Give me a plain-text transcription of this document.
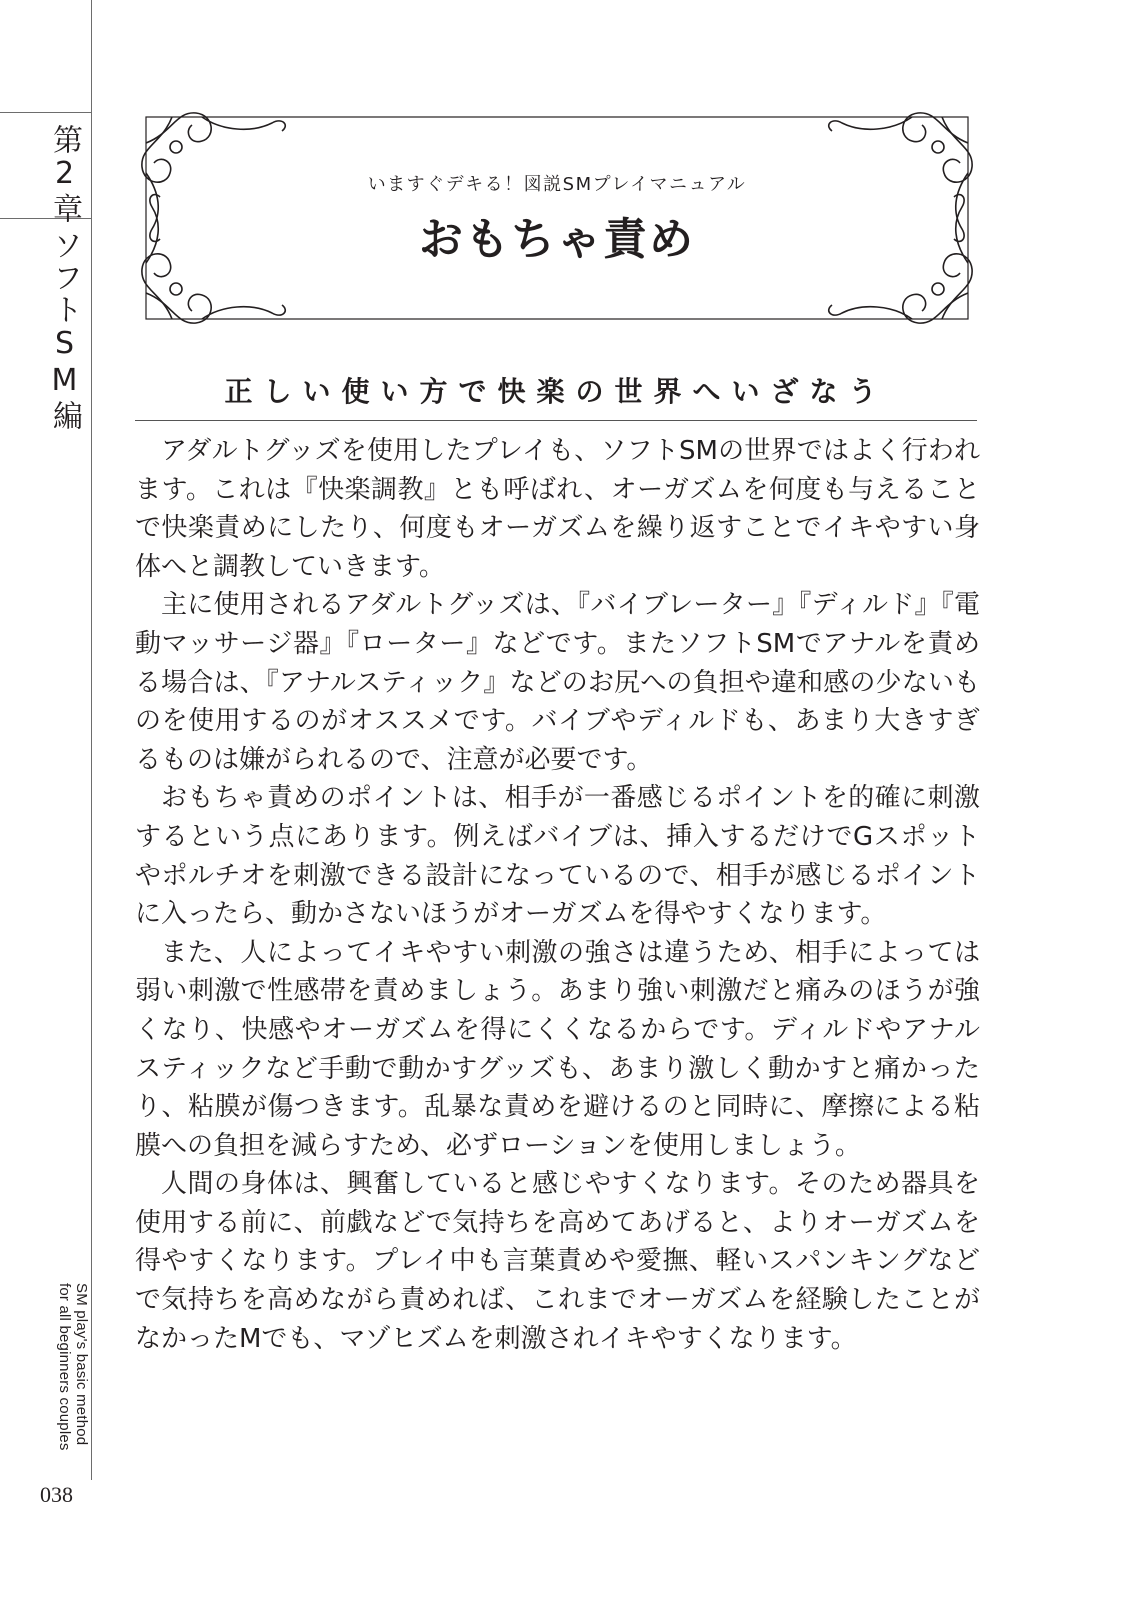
第2章
ソフトSM編
SM play's basic method for all beginners couples
038
いますぐデキる！図説SMプレイマニュアル
おもちゃ責め
正しい使い方で快楽の世界へいざなう

アダルトグッズを使用したプレイも、ソフトSMの世界ではよく行われます。これは『快楽調教』とも呼ばれ、オーガズムを何度も与えることで快楽責めにしたり、何度もオーガズムを繰り返すことでイキやすい身体へと調教していきます。

主に使用されるアダルトグッズは、『バイブレーター』『ディルド』『電動マッサージ器』『ローター』などです。またソフトSMでアナルを責める場合は、『アナルスティック』などのお尻への負担や違和感の少ないものを使用するのがオススメです。バイブやディルドも、あまり大きすぎるものは嫌がられるので、注意が必要です。

おもちゃ責めのポイントは、相手が一番感じるポイントを的確に刺激するという点にあります。例えばバイブは、挿入するだけでGスポットやポルチオを刺激できる設計になっているので、相手が感じるポイントに入ったら、動かさないほうがオーガズムを得やすくなります。

また、人によってイキやすい刺激の強さは違うため、相手によっては弱い刺激で性感帯を責めましょう。あまり強い刺激だと痛みのほうが強くなり、快感やオーガズムを得にくくなるからです。ディルドやアナルスティックなど手動で動かすグッズも、あまり激しく動かすと痛かったり、粘膜が傷つきます。乱暴な責めを避けるのと同時に、摩擦による粘膜への負担を減らすため、必ずローションを使用しましょう。

人間の身体は、興奮していると感じやすくなります。そのため器具を使用する前に、前戯などで気持ちを高めてあげると、よりオーガズムを得やすくなります。プレイ中も言葉責めや愛撫、軽いスパンキングなどで気持ちを高めながら責めれば、これまでオーガズムを経験したことがなかったMでも、マゾヒズムを刺激されイキやすくなります。
